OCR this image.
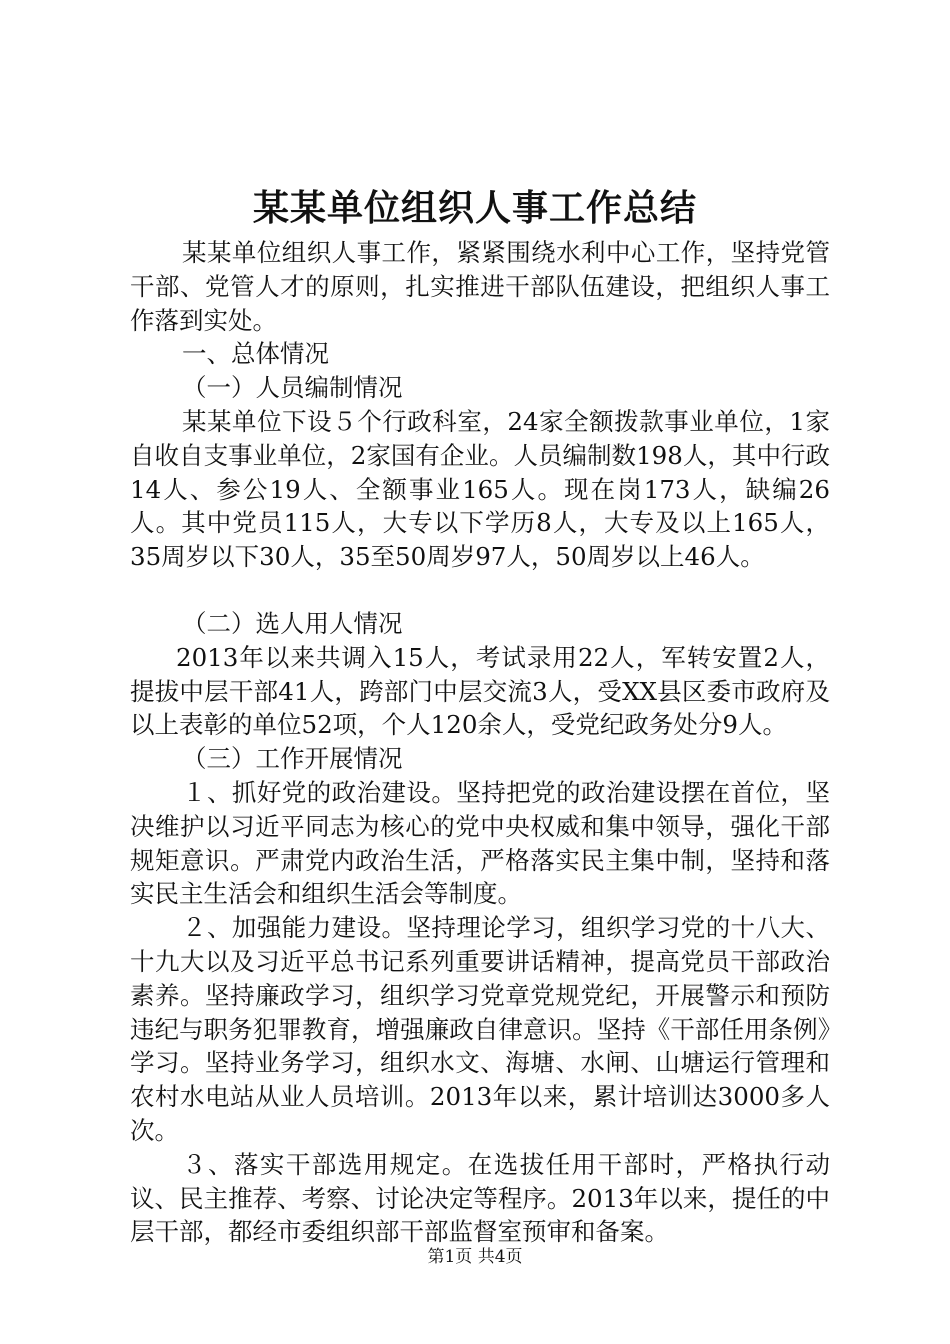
某某单位组织人事工作总结

某某单位组织人事工作，紧紧围绕水利中心工作，坚持党管干部、党管人才的原则，扎实推进干部队伍建设，把组织人事工作落到实处。

一、总体情况

（一）人员编制情况

某某单位下设５个行政科室，24家全额拨款事业单位，1家自收自支事业单位，2家国有企业。人员编制数198人，其中行政14人、参公19人、全额事业165人。现在岗173人，缺编26人。其中党员115人，大专以下学历8人，大专及以上165人，35周岁以下30人，35至50周岁97人，50周岁以上46人。

（二）选人用人情况

2013年以来共调入15人，考试录用22人，军转安置2人，提拔中层干部41人，跨部门中层交流3人，受XX县区委市政府及以上表彰的单位52项，个人120余人，受党纪政务处分9人。

（三）工作开展情况

１、抓好党的政治建设。坚持把党的政治建设摆在首位，坚决维护以习近平同志为核心的党中央权威和集中领导，强化干部规矩意识。严肃党内政治生活，严格落实民主集中制，坚持和落实民主生活会和组织生活会等制度。

２、加强能力建设。坚持理论学习，组织学习党的十八大、十九大以及习近平总书记系列重要讲话精神，提高党员干部政治素养。坚持廉政学习，组织学习党章党规党纪，开展警示和预防违纪与职务犯罪教育，增强廉政自律意识。坚持《干部任用条例》学习。坚持业务学习，组织水文、海塘、水闸、山塘运行管理和农村水电站从业人员培训。2013年以来，累计培训达3000多人次。

３、落实干部选用规定。在选拔任用干部时，严格执行动议、民主推荐、考察、讨论决定等程序。2013年以来，提任的中层干部，都经市委组织部干部监督室预审和备案。

第1页 共4页
